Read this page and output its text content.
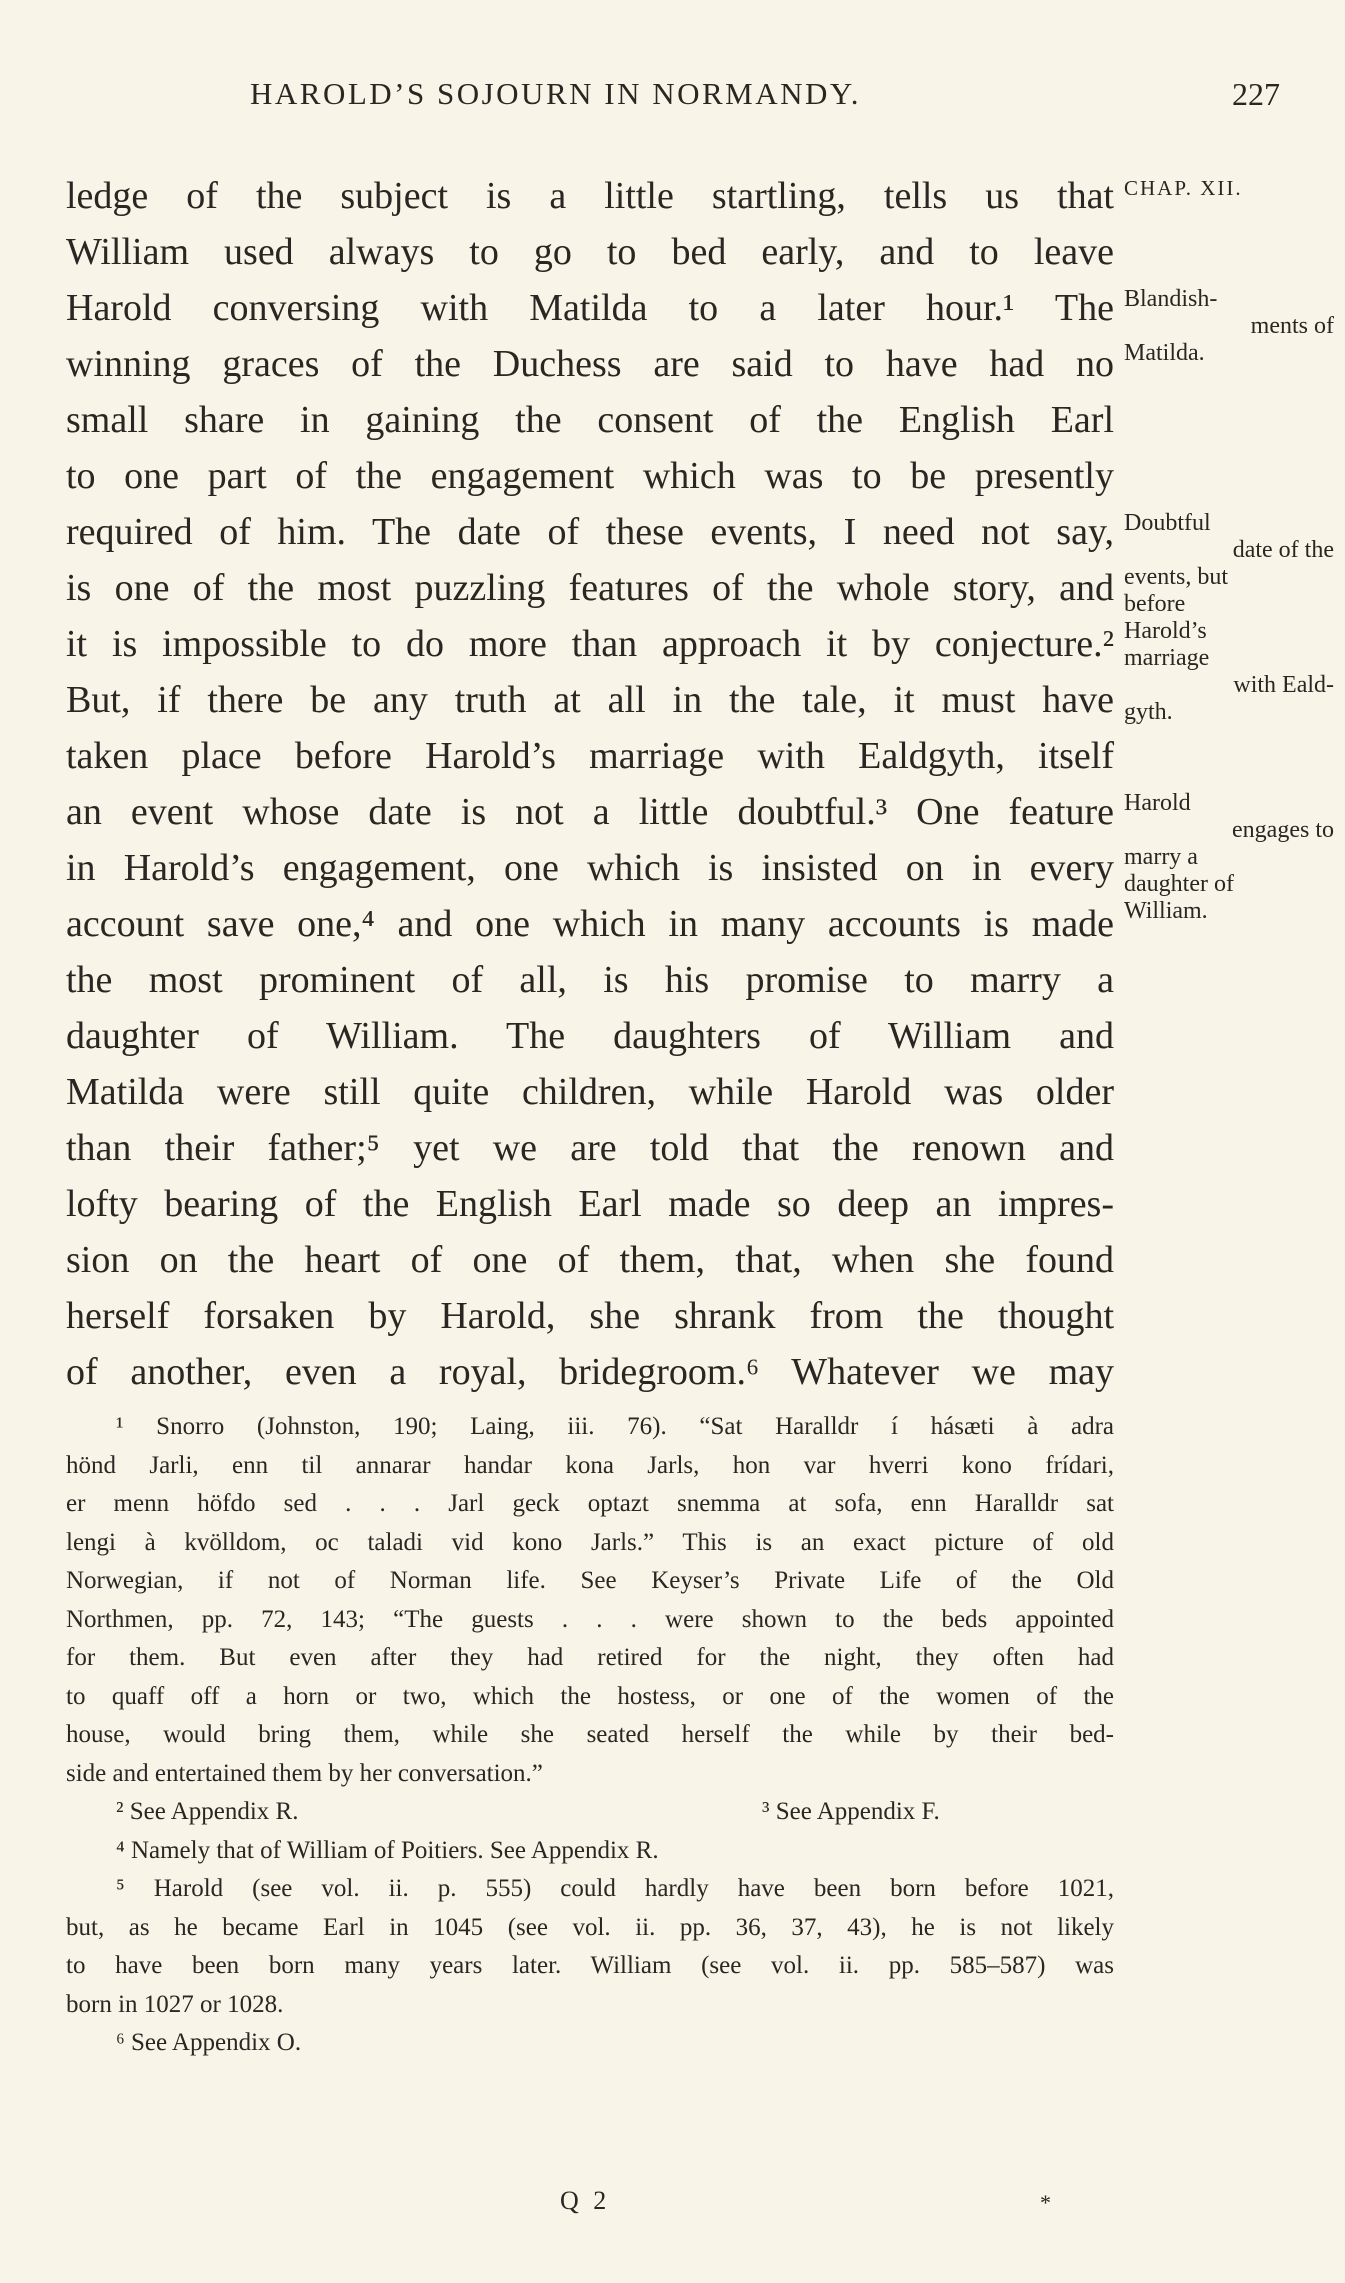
HAROLD’S SOJOURN IN NORMANDY.	227
ledge of the subject is a little startling, tells us that
William used always to go to bed early, and to leave
Harold conversing with Matilda to a later hour.¹ The
winning graces of the Duchess are said to have had no
small share in gaining the consent of the English Earl
to one part of the engagement which was to be presently
required of him. The date of these events, I need not say,
is one of the most puzzling features of the whole story, and
it is impossible to do more than approach it by conjecture.²
But, if there be any truth at all in the tale, it must have
taken place before Harold’s marriage with Ealdgyth, itself
an event whose date is not a little doubtful.³ One feature
in Harold’s engagement, one which is insisted on in every
account save one,⁴ and one which in many accounts is made
the most prominent of all, is his promise to marry a
daughter of William. The daughters of William and
Matilda were still quite children, while Harold was older
than their father;⁵ yet we are told that the renown and
lofty bearing of the English Earl made so deep an impres-
sion on the heart of one of them, that, when she found
herself forsaken by Harold, she shrank from the thought
of another, even a royal, bridegroom.⁶ Whatever we may
CHAP. XII.
Blandish-
ments of
Matilda.
Doubtful
date of the
events, but
before
Harold’s
marriage
with Eald-
gyth.
Harold
engages to
marry a
daughter of
William.
¹ Snorro (Johnston, 190; Laing, iii. 76). “Sat Haralldr í hásæti à adra
hönd Jarli, enn til annarar handar kona Jarls, hon var hverri kono frídari,
er menn höfdo sed . . . Jarl geck optazt snemma at sofa, enn Haralldr sat
lengi à kvölldom, oc taladi vid kono Jarls.” This is an exact picture of old
Norwegian, if not of Norman life. See Keyser’s Private Life of the Old
Northmen, pp. 72, 143; “The guests . . . were shown to the beds appointed
for them. But even after they had retired for the night, they often had
to quaff off a horn or two, which the hostess, or one of the women of the
house, would bring them, while she seated herself the while by their bed-
side and entertained them by her conversation.”
² See Appendix R.	³ See Appendix F.
⁴ Namely that of William of Poitiers. See Appendix R.
⁵ Harold (see vol. ii. p. 555) could hardly have been born before 1021,
but, as he became Earl in 1045 (see vol. ii. pp. 36, 37, 43), he is not likely
to have been born many years later. William (see vol. ii. pp. 585–587) was
born in 1027 or 1028.
⁶ See Appendix O.
Q 2	*
